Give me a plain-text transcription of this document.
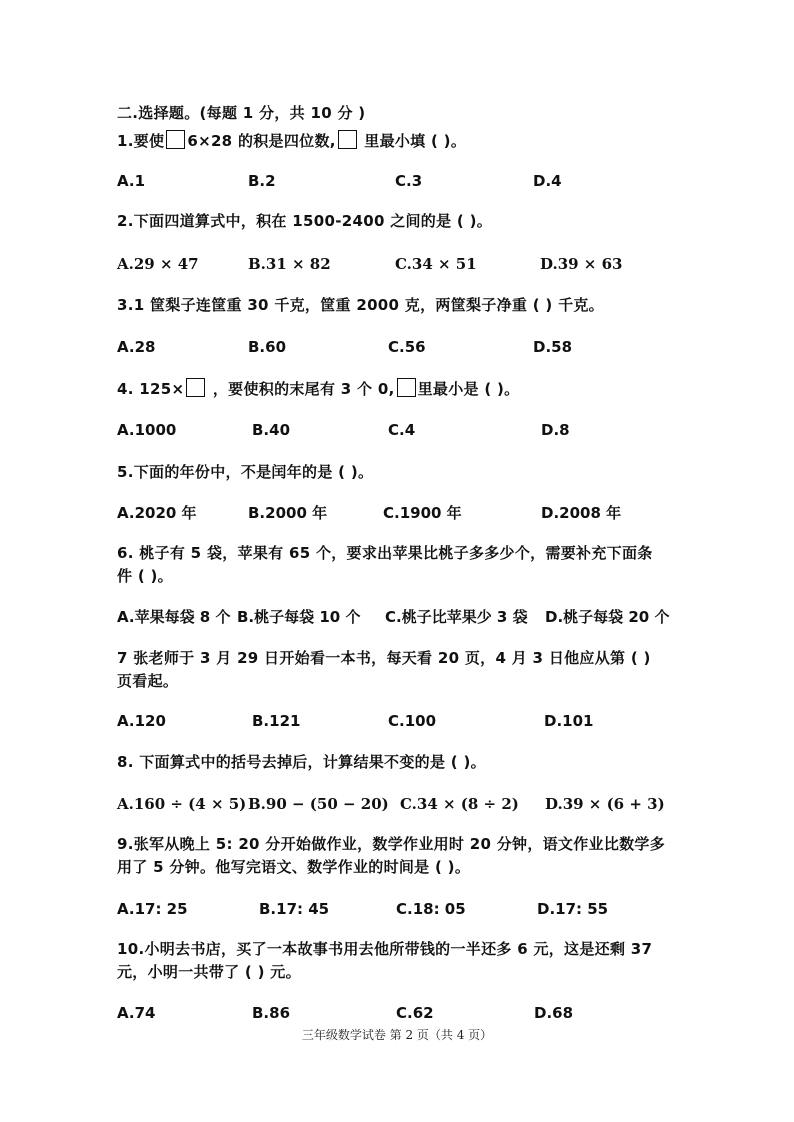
二.选择题。(每题 1 分，共 10 分 )
1.要使 6×28 的积是四位数, 里最小填 ( )。
A.1	B.2	C.3	D.4
2.下面四道算式中，积在 1500-2400 之间的是 ( )。
A.29 × 47	B.31 × 82	C.34 × 51	D.39 × 63
3.1 筐梨子连筐重 30 千克，筐重 2000 克，两筐梨子净重 ( ) 千克。
A.28	B.60	C.56	D.58
4. 125× ，要使积的末尾有 3 个 0, 里最小是 ( )。
A.1000	B.40	C.4	D.8
5.下面的年份中，不是闰年的是 ( )。
A.2020 年	B.2000 年	C.1900 年	D.2008 年
6. 桃子有 5 袋，苹果有 65 个，要求出苹果比桃子多多少个，需要补充下面条
件 ( )。
A.苹果每袋 8 个 B.桃子每袋 10 个 C.桃子比苹果少 3 袋 D.桃子每袋 20 个
7 张老师于 3 月 29 日开始看一本书，每天看 20 页，4 月 3 日他应从第 ( )
页看起。
A.120	B.121	C.100	D.101
8. 下面算式中的括号去掉后，计算结果不变的是 ( )。
A.160 ÷ (4 × 5) B.90 − (50 − 20) C.34 × (8 ÷ 2) D.39 × (6 + 3)
9.张军从晚上 5: 20 分开始做作业，数学作业用时 20 分钟，语文作业比数学多
用了 5 分钟。他写完语文、数学作业的时间是 ( )。
A.17: 25	B.17: 45	C.18: 05	D.17: 55
10.小明去书店，买了一本故事书用去他所带钱的一半还多 6 元，这是还剩 37
元，小明一共带了 ( ) 元。
A.74	B.86	C.62	D.68
三年级数学试卷 第 2 页（共 4 页）
